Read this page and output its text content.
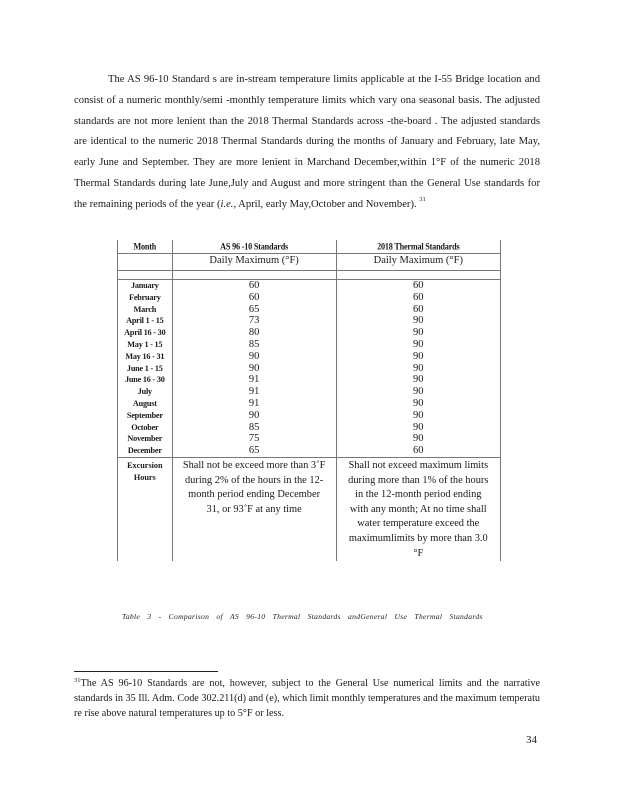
The AS 96-10 Standard s are in-stream temperature limits applicable at the I-55 Bridge location and consist of a numeric monthly/semi -monthly temperature limits which vary ona seasonal basis. The adjusted standards are not more lenient than the 2018 Thermal Standards across -the-board . The adjusted standards are identical to the numeric 2018 Thermal Standards during the months of January and February, late May, early June and September. They are more lenient in Marchand December,within 1°F of the numeric 2018 Thermal Standards during late June,July and August and more stringent than the General Use standards for the remaining periods of the year (i.e., April, early May,October and November). $^{31}$

Month	AS 96 -10 Standards	2018 Thermal Standards
	Daily Maximum (°F)	Daily Maximum (°F)

January	60	60
February	60	60
March	65	60
April 1 - 15	73	90
April 16 - 30	80	90
May 1 - 15	85	90
May 16 - 31	90	90
June 1 - 15	90	90
June 16 - 30	91	90
July	91	90
August	91	90
September	90	90
October	85	90
November	75	90
December	65	60

Excursion
Hours	Shall not be exceed more than 3˚F during 2% of the hours in the 12-month period ending December 31, or 93˚F at any time	Shall not exceed maximum limits during more than 1% of the hours in the 12-month period ending with any month; At no time shall water temperature exceed the maximumlimits by more than 3.0 °F
Table 3 - Comparison of AS 96-10 Thermal Standards andGeneral Use Thermal Standards

$^{31}$The AS 96-10 Standards are not, however, subject to the General Use numerical limits and the narrative standards in 35 Ill. Adm. Code 302.211(d) and (e), which limit monthly temperatures and the maximum temperatu re rise above natural temperatures up to 5°F or less.

34
